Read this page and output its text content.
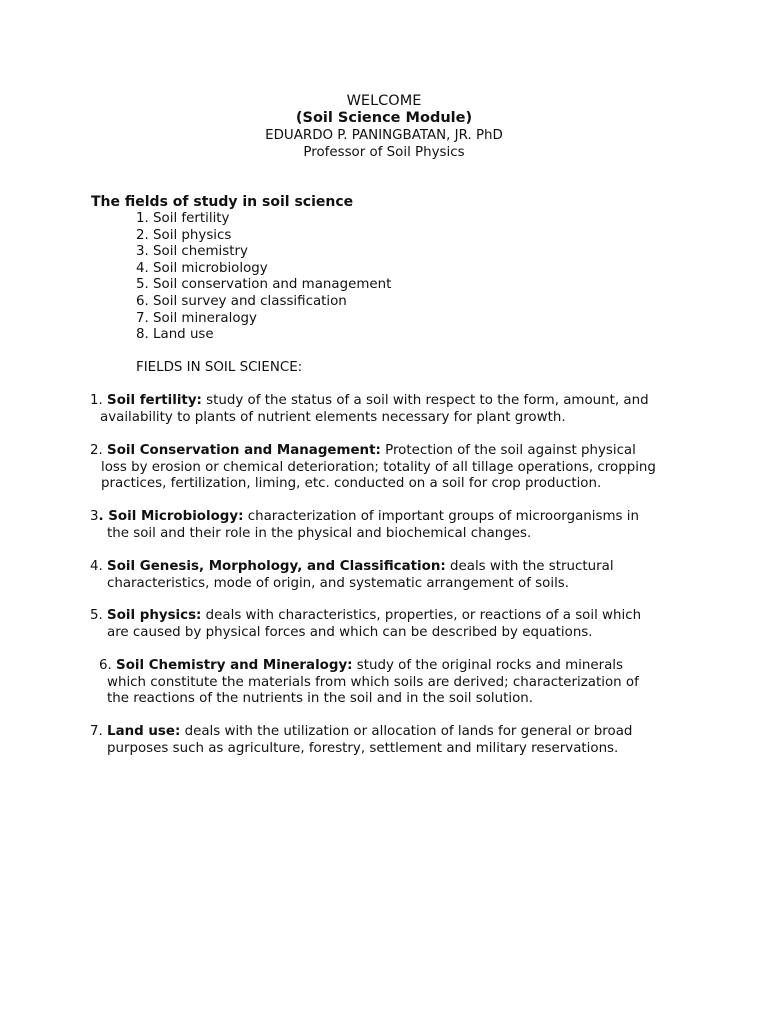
WELCOME
(Soil Science Module)
EDUARDO P. PANINGBATAN, JR. PhD
Professor of Soil Physics
The fields of study in soil science
1. Soil fertility
2. Soil physics
3. Soil chemistry
4. Soil microbiology
5. Soil conservation and management
6. Soil survey and classification
7. Soil mineralogy
8. Land use
FIELDS IN SOIL SCIENCE:
1. Soil fertility: study of the status of a soil with respect to the form, amount, and
availability to plants of nutrient elements necessary for plant growth.
2. Soil Conservation and Management: Protection of the soil against physical
loss by erosion or chemical deterioration; totality of all tillage operations, cropping
practices, fertilization, liming, etc. conducted on a soil for crop production.
3. Soil Microbiology: characterization of important groups of microorganisms in
the soil and their role in the physical and biochemical changes.
4. Soil Genesis, Morphology, and Classification: deals with the structural
characteristics, mode of origin, and systematic arrangement of soils.
5. Soil physics: deals with characteristics, properties, or reactions of a soil which
are caused by physical forces and which can be described by equations.
6. Soil Chemistry and Mineralogy: study of the original rocks and minerals
which constitute the materials from which soils are derived; characterization of
the reactions of the nutrients in the soil and in the soil solution.
7. Land use: deals with the utilization or allocation of lands for general or broad
purposes such as agriculture, forestry, settlement and military reservations.
